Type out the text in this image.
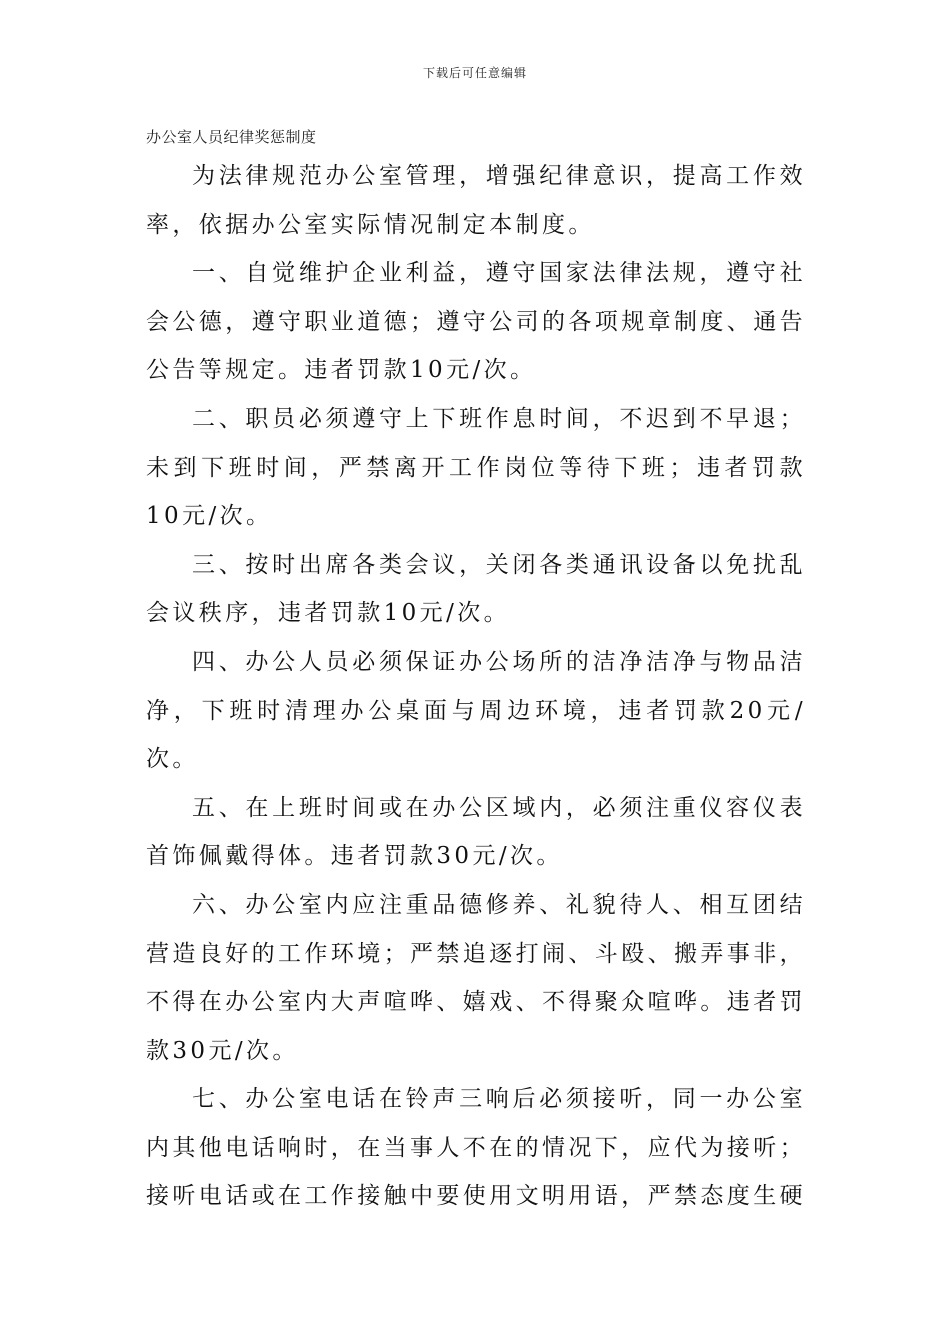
下载后可任意编辑
办公室人员纪律奖惩制度

为法律规范办公室管理，增强纪律意识，提高工作效率，依据办公室实际情况制定本制度。

一、自觉维护企业利益，遵守国家法律法规，遵守社会公德，遵守职业道德；遵守公司的各项规章制度、通告公告等规定。违者罚款10元/次。

二、职员必须遵守上下班作息时间，不迟到不早退；未到下班时间，严禁离开工作岗位等待下班；违者罚款10元/次。

三、按时出席各类会议，关闭各类通讯设备以免扰乱会议秩序，违者罚款10元/次。

四、办公人员必须保证办公场所的洁净洁净与物品洁净，下班时清理办公桌面与周边环境，违者罚款20元/次。

五、在上班时间或在办公区域内，必须注重仪容仪表首饰佩戴得体。违者罚款30元/次。

六、办公室内应注重品德修养、礼貌待人、相互团结营造良好的工作环境；严禁追逐打闹、斗殴、搬弄事非，不得在办公室内大声喧哗、嬉戏、不得聚众喧哗。违者罚款30元/次。

七、办公室电话在铃声三响后必须接听，同一办公室内其他电话响时，在当事人不在的情况下，应代为接听；接听电话或在工作接触中要使用文明用语，严禁态度生硬
